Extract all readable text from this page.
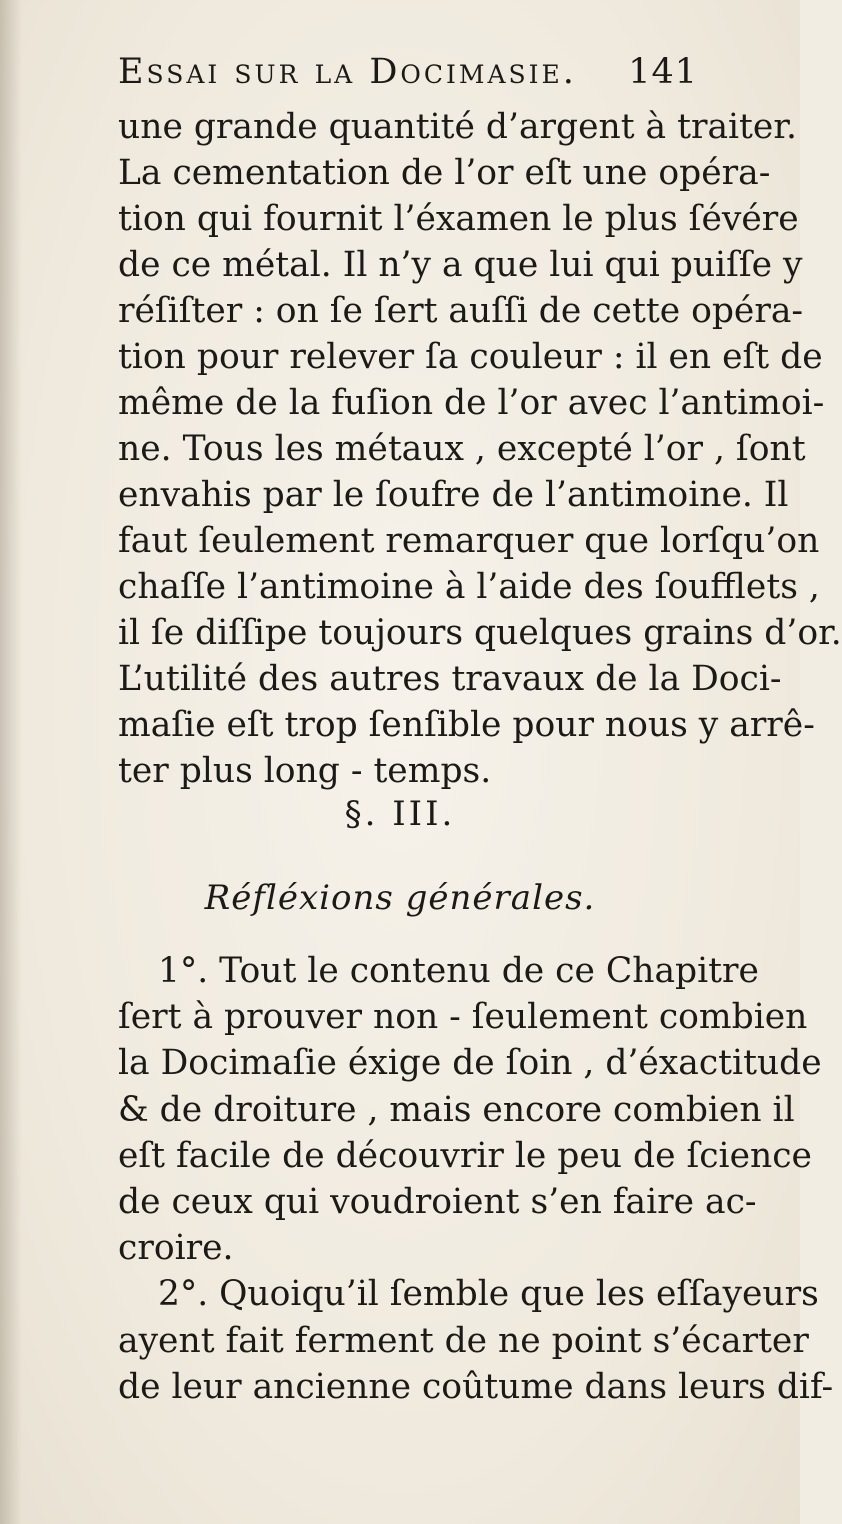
Essai sur la Docimasie. 141
une grande quantité d’argent à traiter.
La cementation de l’or eſt une opéra-
tion qui fournit l’éxamen le plus ſévére
de ce métal. Il n’y a que lui qui puiſſe y
réſiſter : on ſe ſert auſſi de cette opéra-
tion pour relever ſa couleur : il en eſt de
même de la fuſion de l’or avec l’antimoi-
ne. Tous les métaux , excepté l’or , ſont
envahis par le ſoufre de l’antimoine. Il
faut ſeulement remarquer que lorſqu’on
chaſſe l’antimoine à l’aide des ſoufflets ,
il ſe diſſipe toujours quelques grains d’or.
L’utilité des autres travaux de la Doci-
maſie eſt trop ſenſible pour nous y arrê-
ter plus long - temps.
§. III.
Réfléxions générales.
1°. Tout le contenu de ce Chapitre
ſert à prouver non - ſeulement combien
la Docimaſie éxige de ſoin , d’éxactitude
& de droiture , mais encore combien il
eſt facile de découvrir le peu de ſcience
de ceux qui voudroient s’en faire ac-
croire.
2°. Quoiqu’il ſemble que les eſſayeurs
ayent fait ferment de ne point s’écarter
de leur ancienne coûtume dans leurs dif-
